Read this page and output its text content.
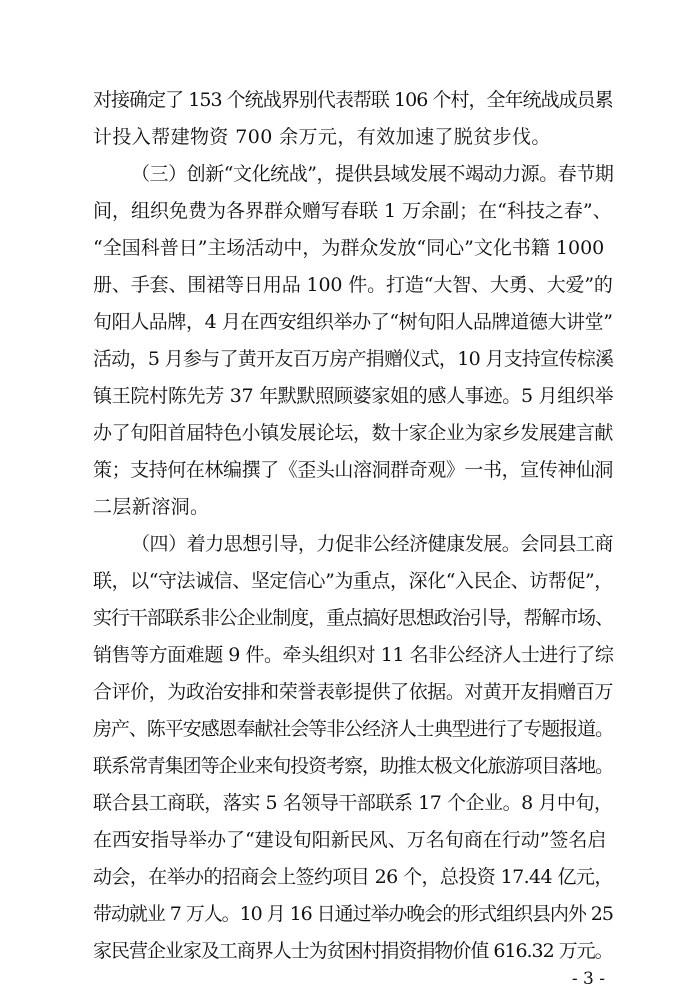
对接确定了 153 个统战界别代表帮联 106 个村，全年统战成员累
计投入帮建物资 700 余万元，有效加速了脱贫步伐。
（三）创新“文化统战”，提供县域发展不竭动力源。春节期
间，组织免费为各界群众赠写春联 1 万余副；在“科技之春”、
“全国科普日”主场活动中，为群众发放“同心”文化书籍 1000
册、手套、围裙等日用品 100 件。打造“大智、大勇、大爱”的
旬阳人品牌，4 月在西安组织举办了“树旬阳人品牌道德大讲堂”
活动，5 月参与了黄开友百万房产捐赠仪式，10 月支持宣传棕溪
镇王院村陈先芳 37 年默默照顾婆家姐的感人事迹。5 月组织举
办了旬阳首届特色小镇发展论坛，数十家企业为家乡发展建言献
策；支持何在林编撰了《歪头山溶洞群奇观》一书，宣传神仙洞
二层新溶洞。
（四）着力思想引导，力促非公经济健康发展。会同县工商
联，以“守法诚信、坚定信心”为重点，深化“入民企、访帮促”，
实行干部联系非公企业制度，重点搞好思想政治引导，帮解市场、
销售等方面难题 9 件。牵头组织对 11 名非公经济人士进行了综
合评价，为政治安排和荣誉表彰提供了依据。对黄开友捐赠百万
房产、陈平安感恩奉献社会等非公经济人士典型进行了专题报道。
联系常青集团等企业来旬投资考察，助推太极文化旅游项目落地。
联合县工商联，落实 5 名领导干部联系 17 个企业。8 月中旬，
在西安指导举办了“建设旬阳新民风、万名旬商在行动”签名启
动会，在举办的招商会上签约项目 26 个，总投资 17.44 亿元，
带动就业 7 万人。10 月 16 日通过举办晚会的形式组织县内外 25
家民营企业家及工商界人士为贫困村捐资捐物价值 616.32 万元。
- 3 -
